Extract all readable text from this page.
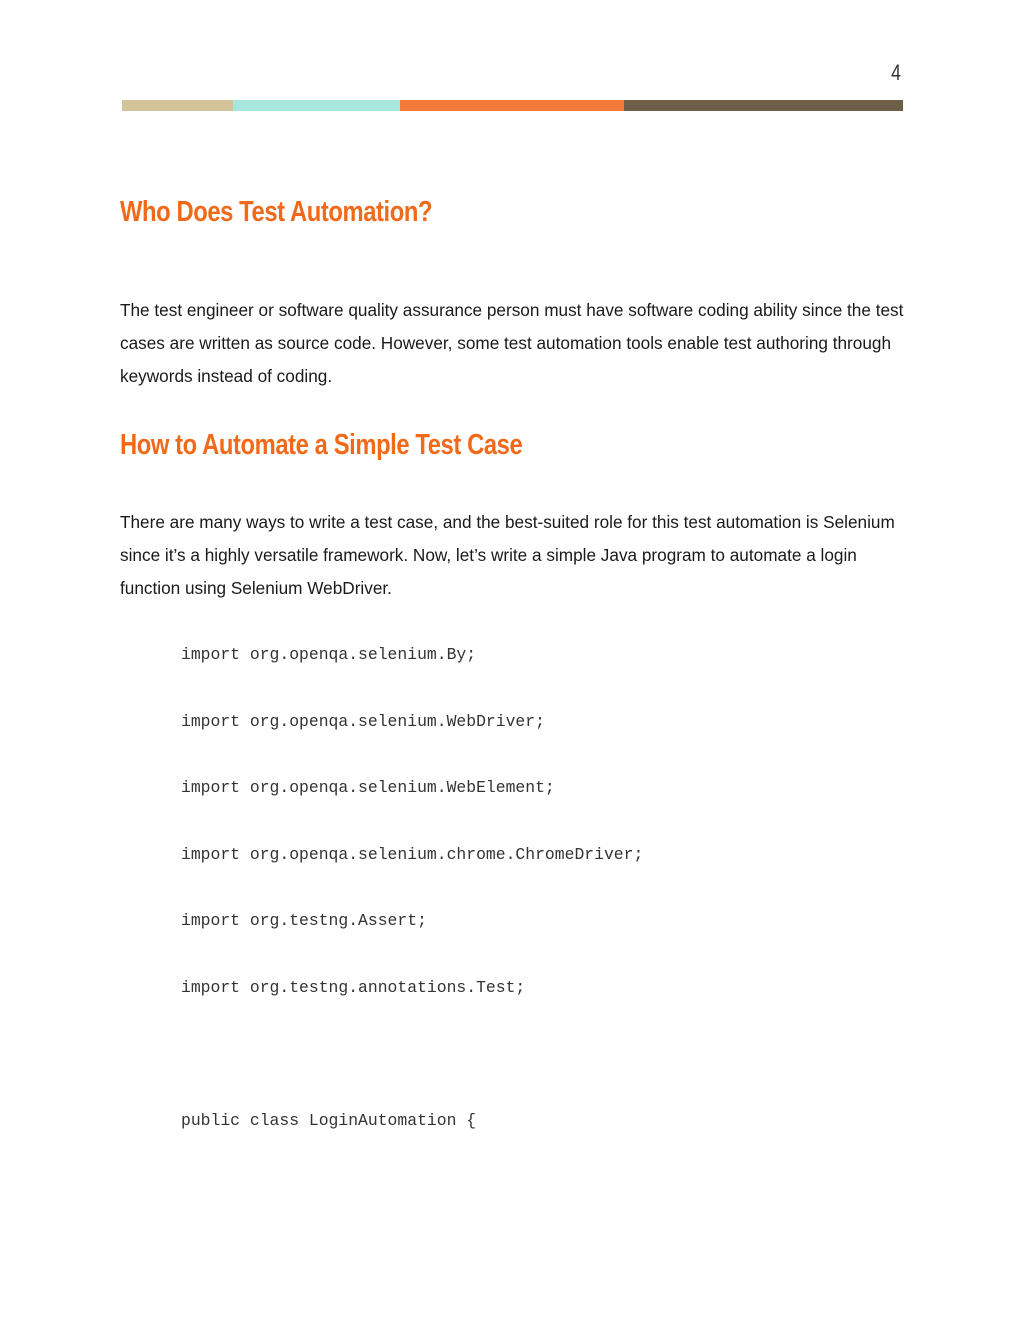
4
Who Does Test Automation?

The test engineer or software quality assurance person must have software coding ability since the test cases are written as source code. However, some test automation tools enable test authoring through keywords instead of coding.

How to Automate a Simple Test Case

There are many ways to write a test case, and the best-suited role for this test automation is Selenium since it’s a highly versatile framework. Now, let’s write a simple Java program to automate a login function using Selenium WebDriver.

import org.openqa.selenium.By;
import org.openqa.selenium.WebDriver;
import org.openqa.selenium.WebElement;
import org.openqa.selenium.chrome.ChromeDriver;
import org.testng.Assert;
import org.testng.annotations.Test;
public class LoginAutomation {
